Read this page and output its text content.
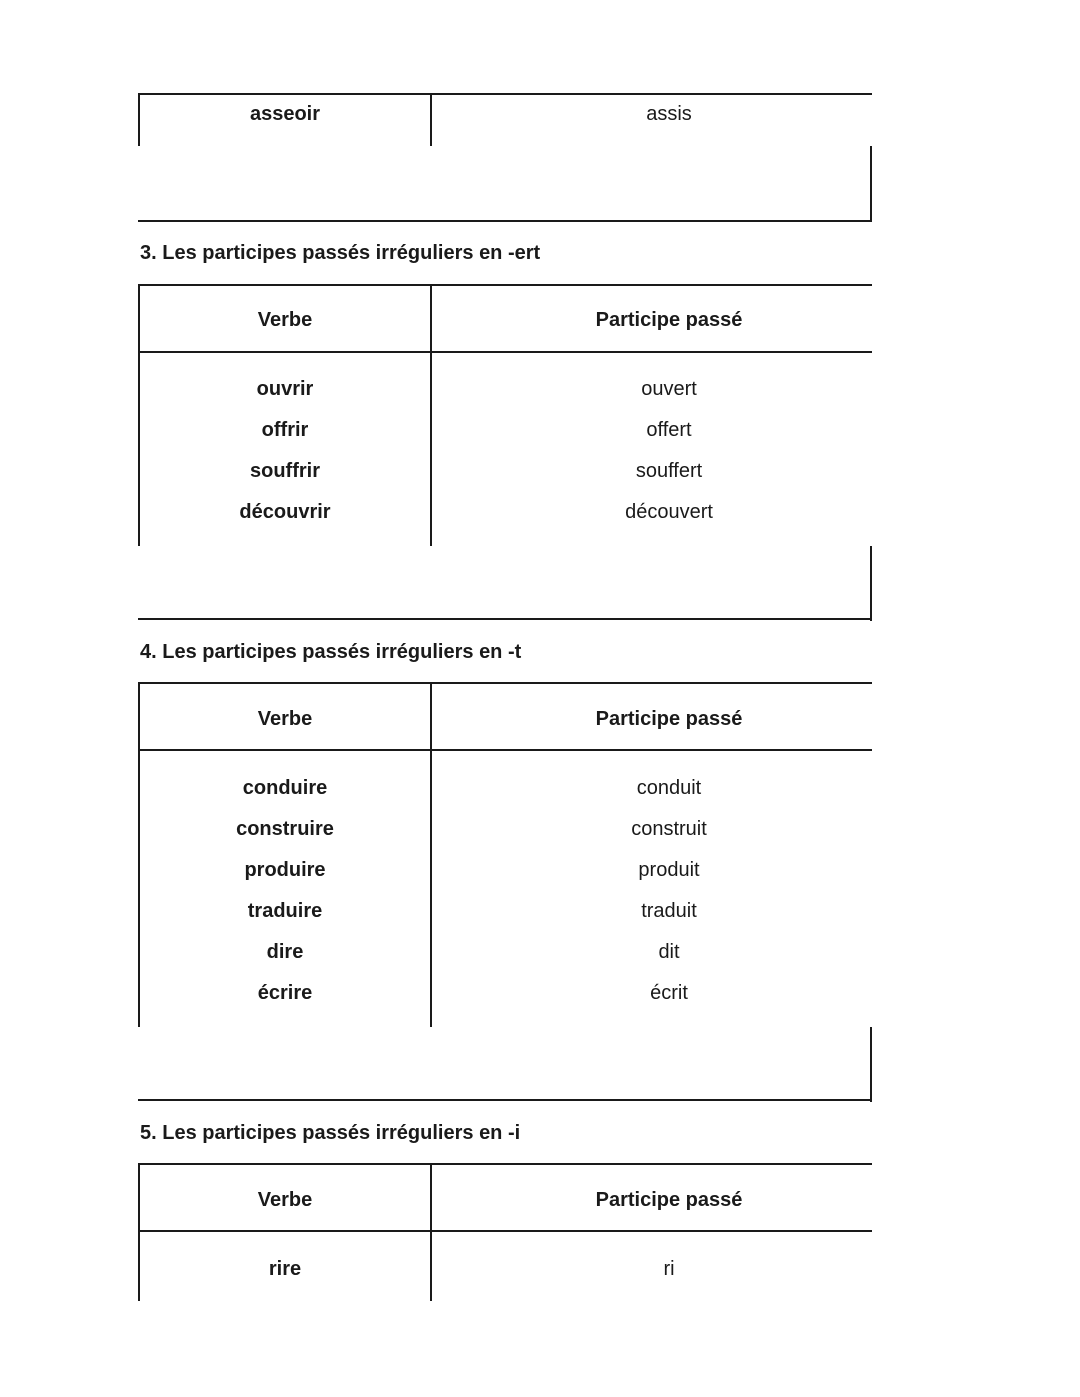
asseoir	assis
3. Les participes passés irréguliers en -ert
Verbe	Participe passé
ouvrir	ouvert
offrir	offert
souffrir	souffert
découvrir	découvert
4. Les participes passés irréguliers en -t
Verbe	Participe passé
conduire	conduit
construire	construit
produire	produit
traduire	traduit
dire	dit
écrire	écrit
5. Les participes passés irréguliers en -i
Verbe	Participe passé
rire	ri
